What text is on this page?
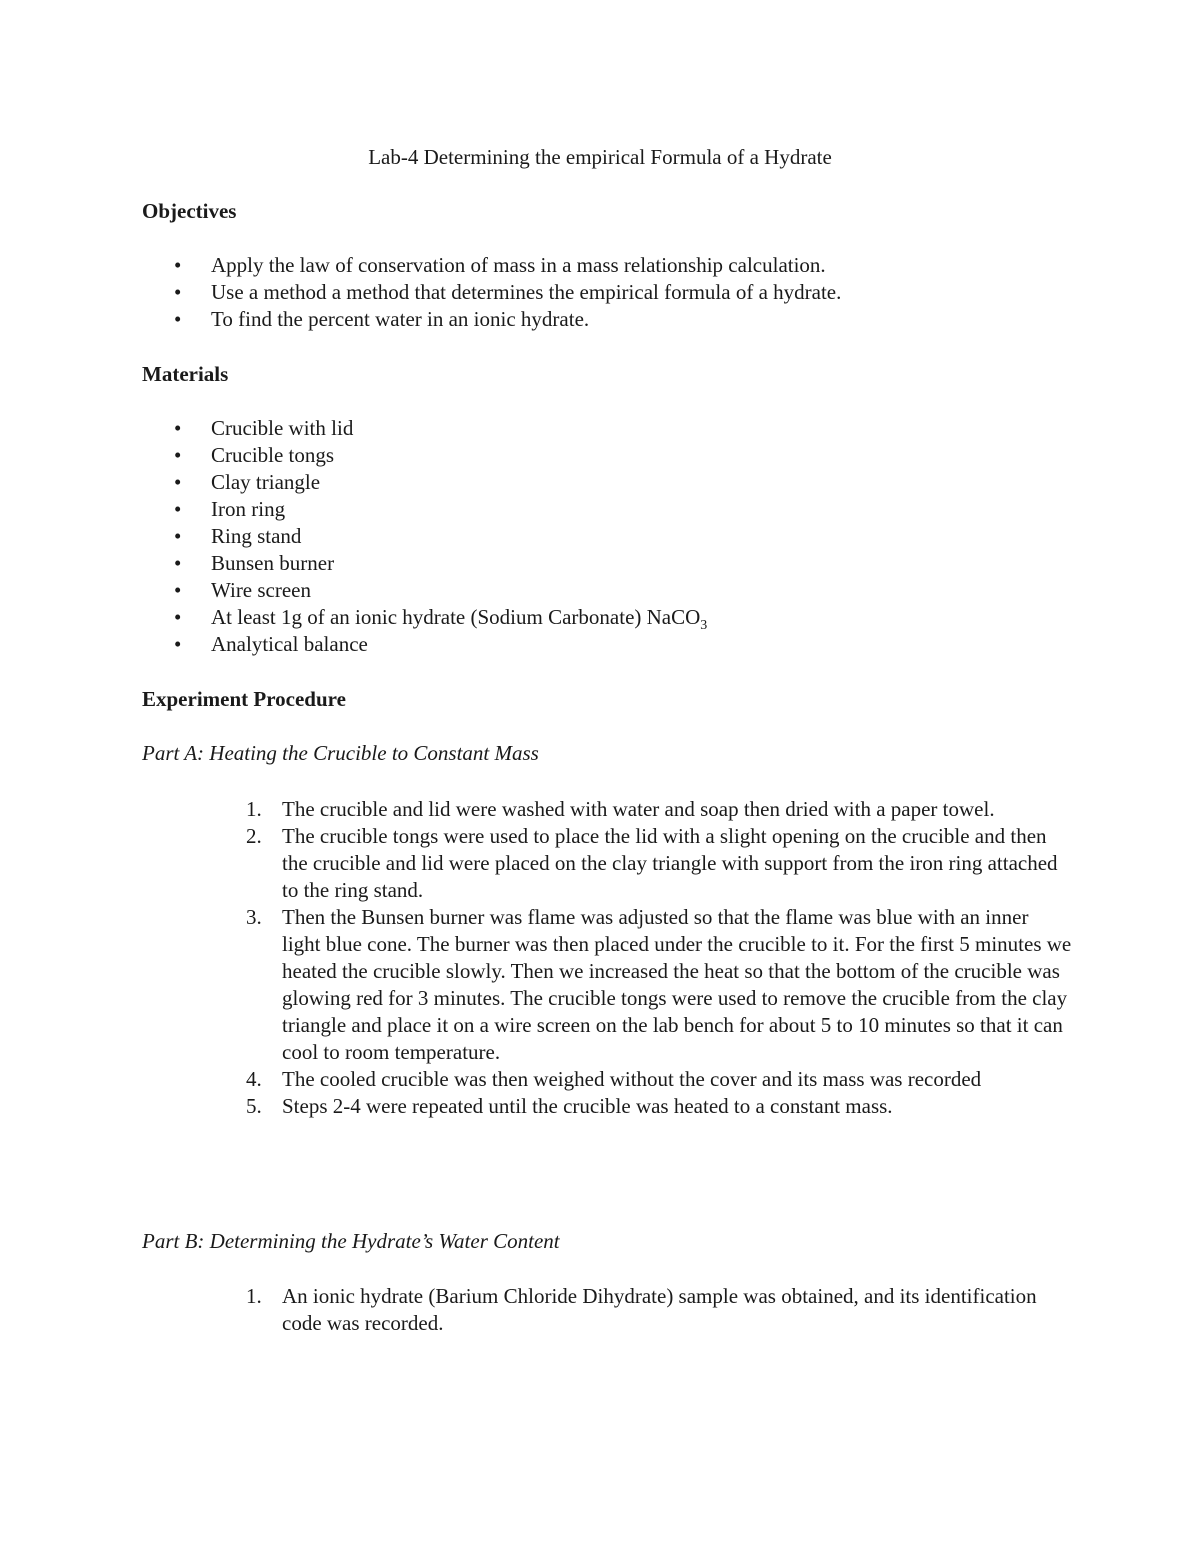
Lab-4 Determining the empirical Formula of a Hydrate
Objectives
• Apply the law of conservation of mass in a mass relationship calculation.
• Use a method a method that determines the empirical formula of a hydrate.
• To find the percent water in an ionic hydrate.
Materials
• Crucible with lid
• Crucible tongs
• Clay triangle
• Iron ring
• Ring stand
• Bunsen burner
• Wire screen
• At least 1g of an ionic hydrate (Sodium Carbonate) NaCO$_3$
• Analytical balance
Experiment Procedure
Part A: Heating the Crucible to Constant Mass
1. The crucible and lid were washed with water and soap then dried with a paper towel.
2. The crucible tongs were used to place the lid with a slight opening on the crucible and then the crucible and lid were placed on the clay triangle with support from the iron ring attached to the ring stand.
3. Then the Bunsen burner was flame was adjusted so that the flame was blue with an inner light blue cone. The burner was then placed under the crucible to it. For the first 5 minutes we heated the crucible slowly. Then we increased the heat so that the bottom of the crucible was glowing red for 3 minutes. The crucible tongs were used to remove the crucible from the clay triangle and place it on a wire screen on the lab bench for about 5 to 10 minutes so that it can cool to room temperature.
4. The cooled crucible was then weighed without the cover and its mass was recorded
5. Steps 2-4 were repeated until the crucible was heated to a constant mass.
Part B: Determining the Hydrate’s Water Content
1. An ionic hydrate (Barium Chloride Dihydrate) sample was obtained, and its identification code was recorded.
